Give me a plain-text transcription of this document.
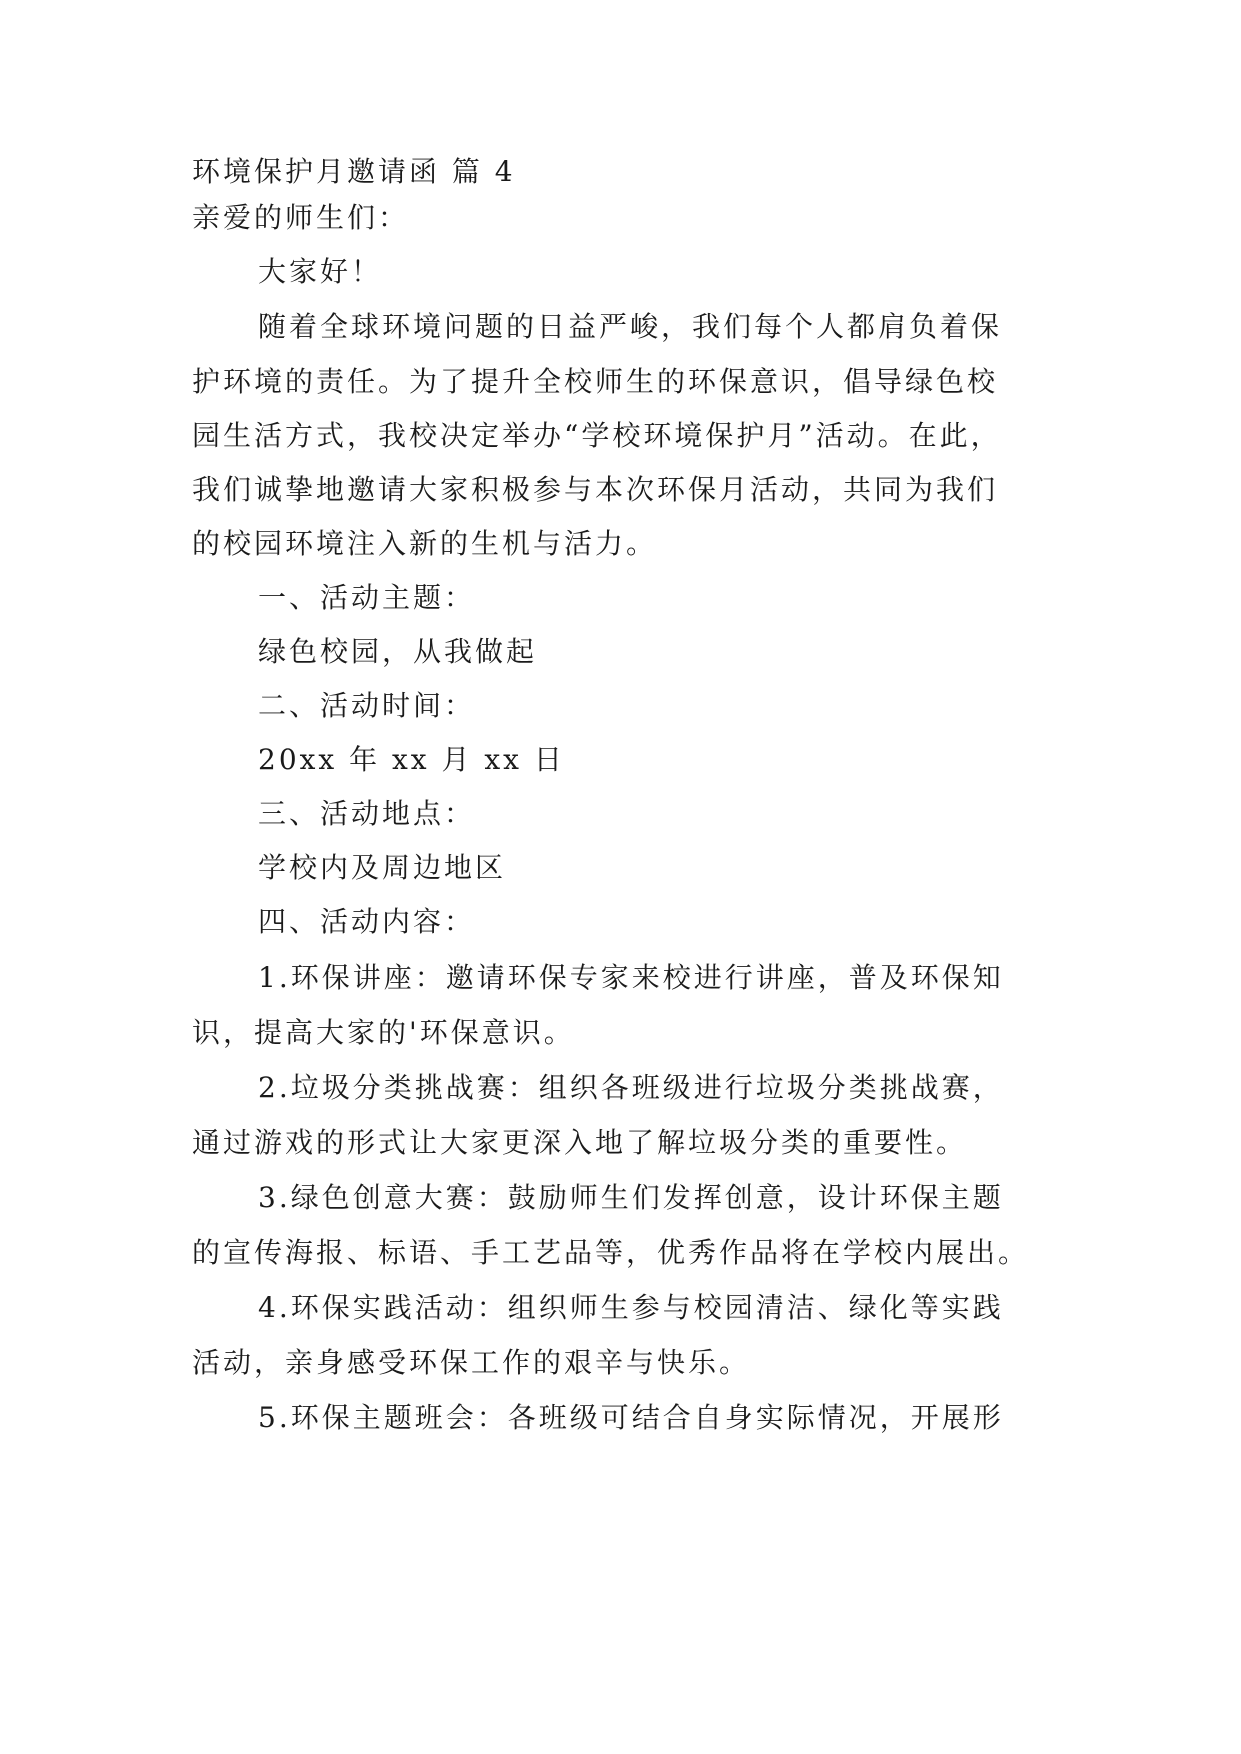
环境保护月邀请函 篇 4
亲爱的师生们：
大家好！
随着全球环境问题的日益严峻，我们每个人都肩负着保
护环境的责任。为了提升全校师生的环保意识，倡导绿色校
园生活方式，我校决定举办“学校环境保护月”活动。在此，
我们诚挚地邀请大家积极参与本次环保月活动，共同为我们
的校园环境注入新的生机与活力。
一、活动主题：
绿色校园，从我做起
二、活动时间：
20xx 年 xx 月 xx 日
三、活动地点：
学校内及周边地区
四、活动内容：
1.环保讲座：邀请环保专家来校进行讲座，普及环保知
识，提高大家的'环保意识。
2.垃圾分类挑战赛：组织各班级进行垃圾分类挑战赛，
通过游戏的形式让大家更深入地了解垃圾分类的重要性。
3.绿色创意大赛：鼓励师生们发挥创意，设计环保主题
的宣传海报、标语、手工艺品等，优秀作品将在学校内展出。
4.环保实践活动：组织师生参与校园清洁、绿化等实践
活动，亲身感受环保工作的艰辛与快乐。
5.环保主题班会：各班级可结合自身实际情况，开展形
